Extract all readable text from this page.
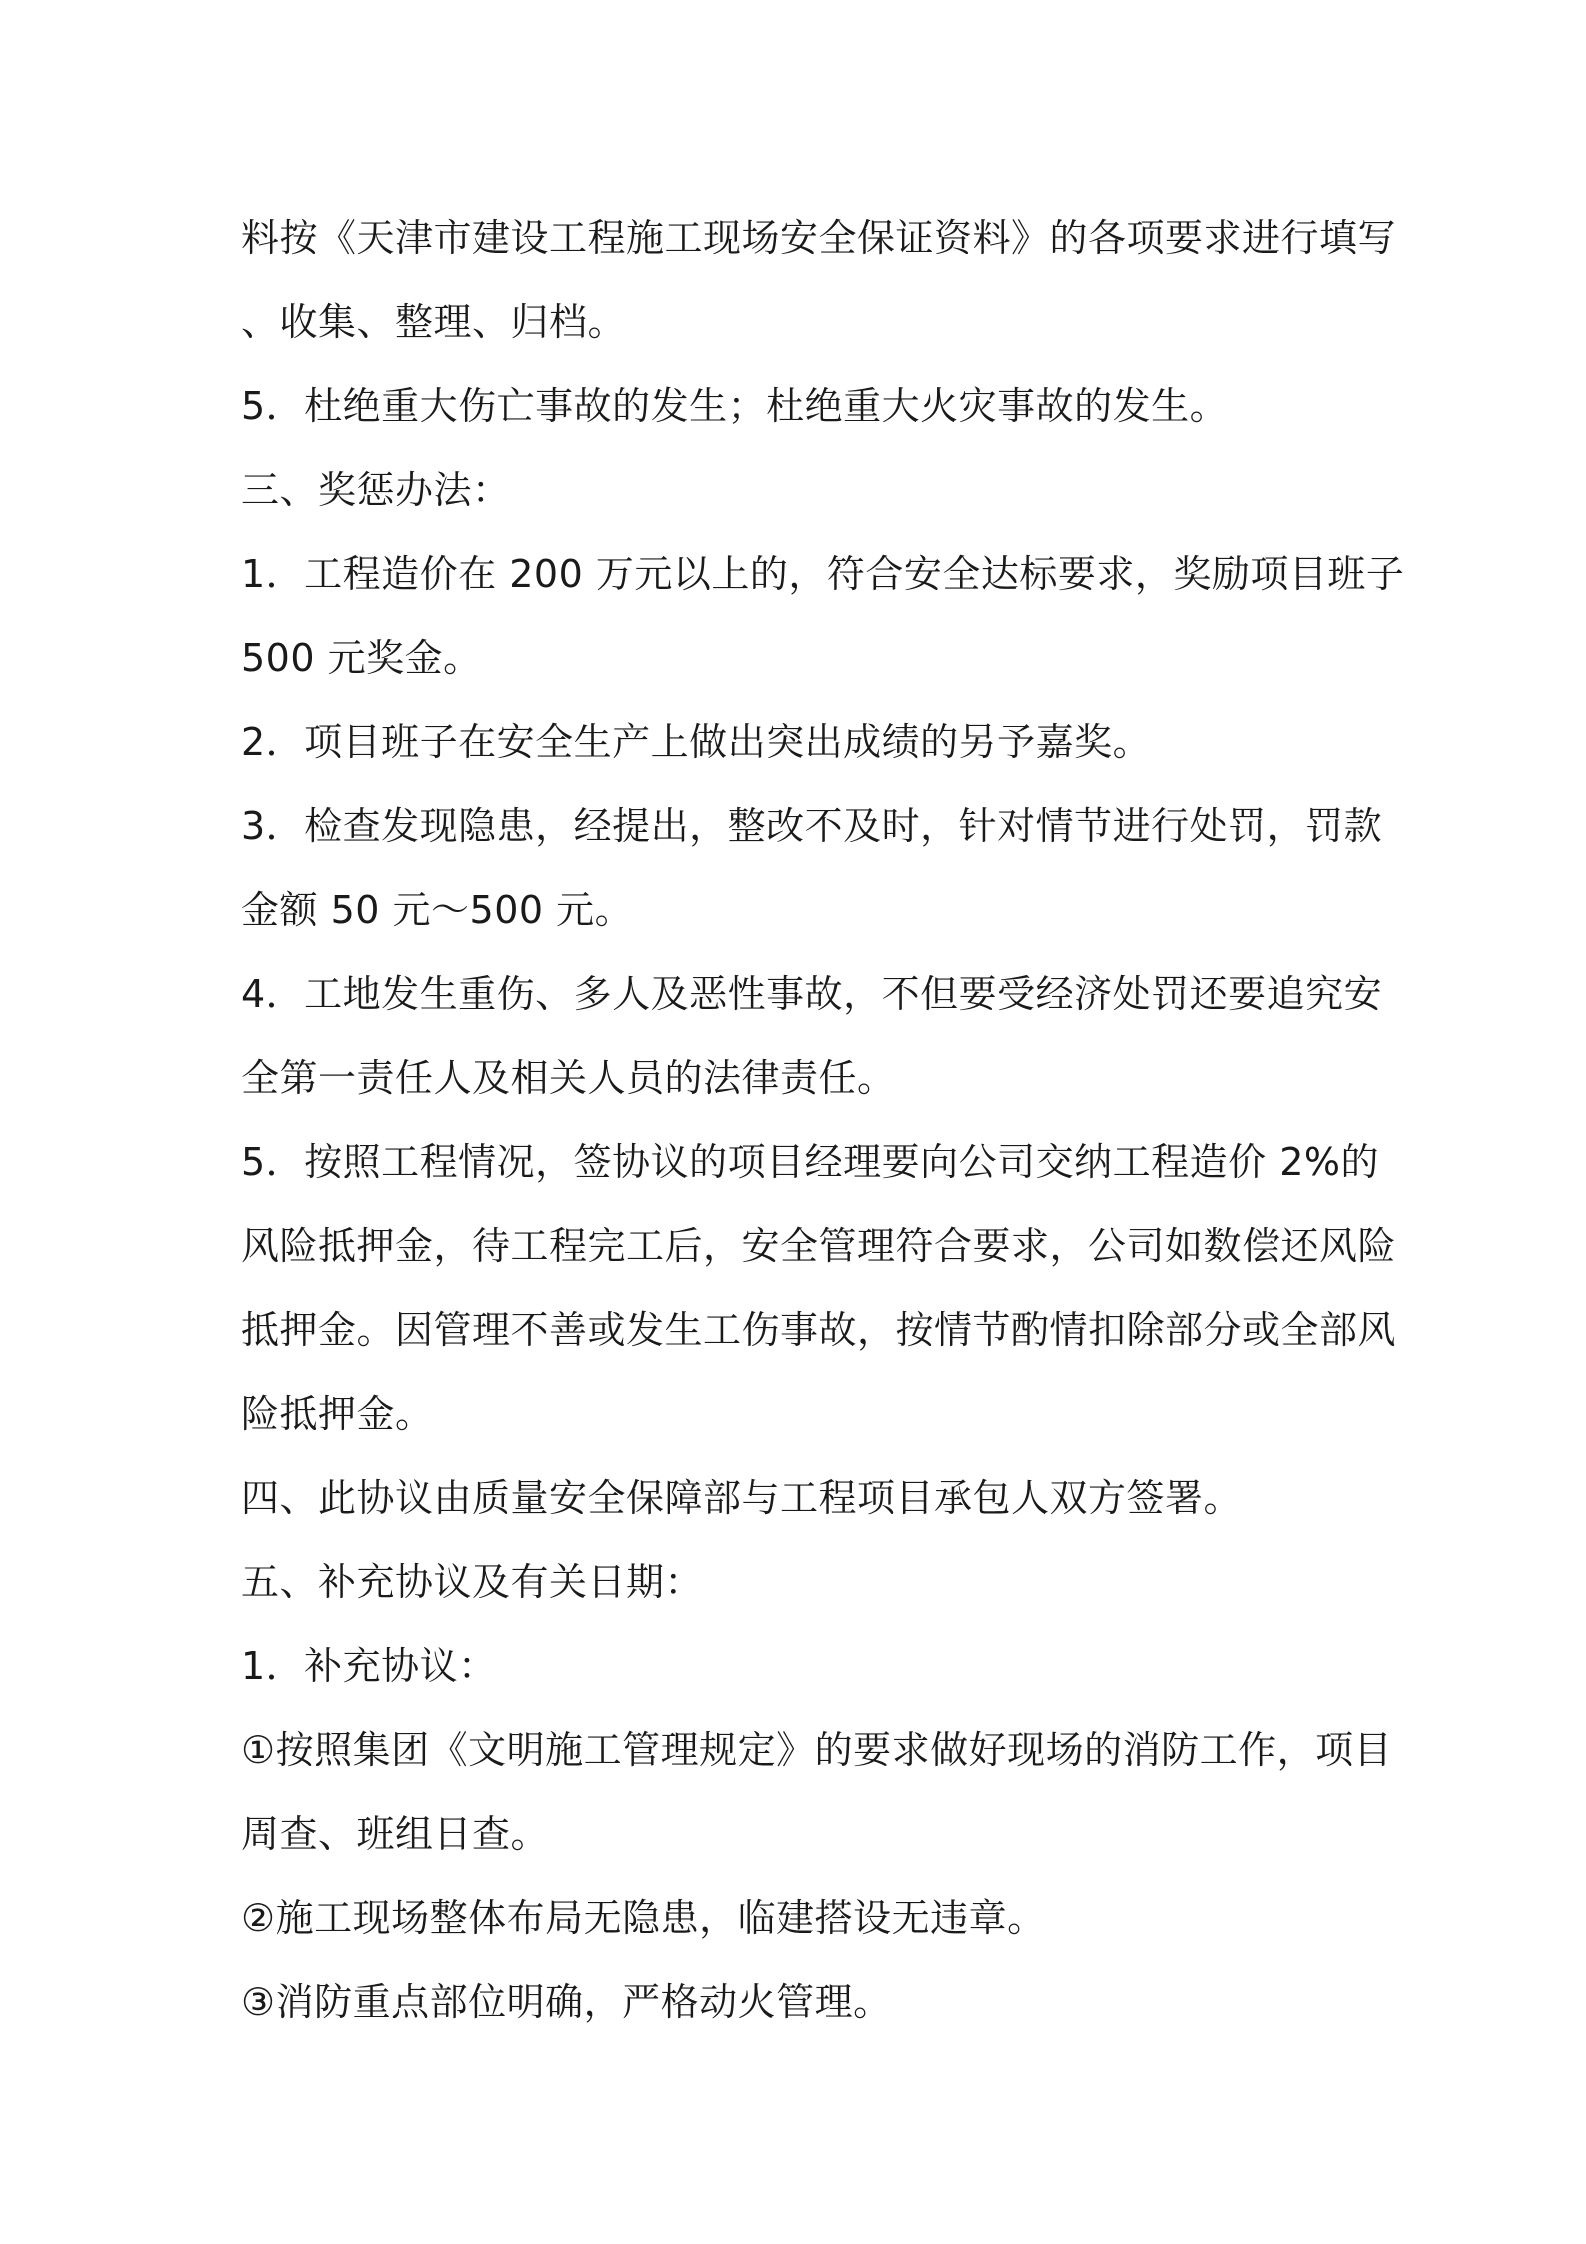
料按《天津市建设工程施工现场安全保证资料》的各项要求进行填写
、收集、整理、归档。
5．杜绝重大伤亡事故的发生；杜绝重大火灾事故的发生。
三、奖惩办法：
1．工程造价在 200 万元以上的，符合安全达标要求，奖励项目班子
500 元奖金。
2．项目班子在安全生产上做出突出成绩的另予嘉奖。
3．检查发现隐患，经提出，整改不及时，针对情节进行处罚，罚款
金额 50 元～500 元。
4．工地发生重伤、多人及恶性事故，不但要受经济处罚还要追究安
全第一责任人及相关人员的法律责任。
5．按照工程情况，签协议的项目经理要向公司交纳工程造价 2%的
风险抵押金，待工程完工后，安全管理符合要求，公司如数偿还风险
抵押金。因管理不善或发生工伤事故，按情节酌情扣除部分或全部风
险抵押金。
四、此协议由质量安全保障部与工程项目承包人双方签署。
五、补充协议及有关日期：
1．补充协议：
①按照集团《文明施工管理规定》的要求做好现场的消防工作，项目
周查、班组日查。
②施工现场整体布局无隐患，临建搭设无违章。
③消防重点部位明确，严格动火管理。
